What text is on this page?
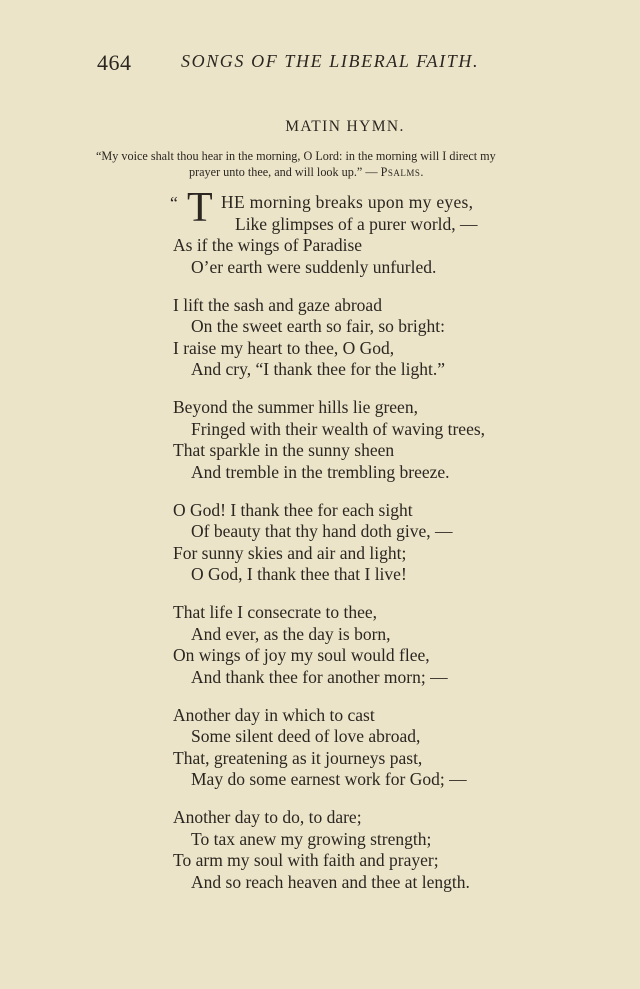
464	SONGS OF THE LIBERAL FAITH.
MATIN HYMN.
“My voice shalt thou hear in the morning, O Lord: in the morning will I direct my
prayer unto thee, and will look up.” — Psalms.
“ T HE morning breaks upon my eyes,
Like glimpses of a purer world, —
As if the wings of Paradise
O’er earth were suddenly unfurled.
I lift the sash and gaze abroad
On the sweet earth so fair, so bright:
I raise my heart to thee, O God,
And cry, “I thank thee for the light.”
Beyond the summer hills lie green,
Fringed with their wealth of waving trees,
That sparkle in the sunny sheen
And tremble in the trembling breeze.
O God! I thank thee for each sight
Of beauty that thy hand doth give, —
For sunny skies and air and light;
O God, I thank thee that I live!
That life I consecrate to thee,
And ever, as the day is born,
On wings of joy my soul would flee,
And thank thee for another morn; —
Another day in which to cast
Some silent deed of love abroad,
That, greatening as it journeys past,
May do some earnest work for God; —
Another day to do, to dare;
To tax anew my growing strength;
To arm my soul with faith and prayer;
And so reach heaven and thee at length.
